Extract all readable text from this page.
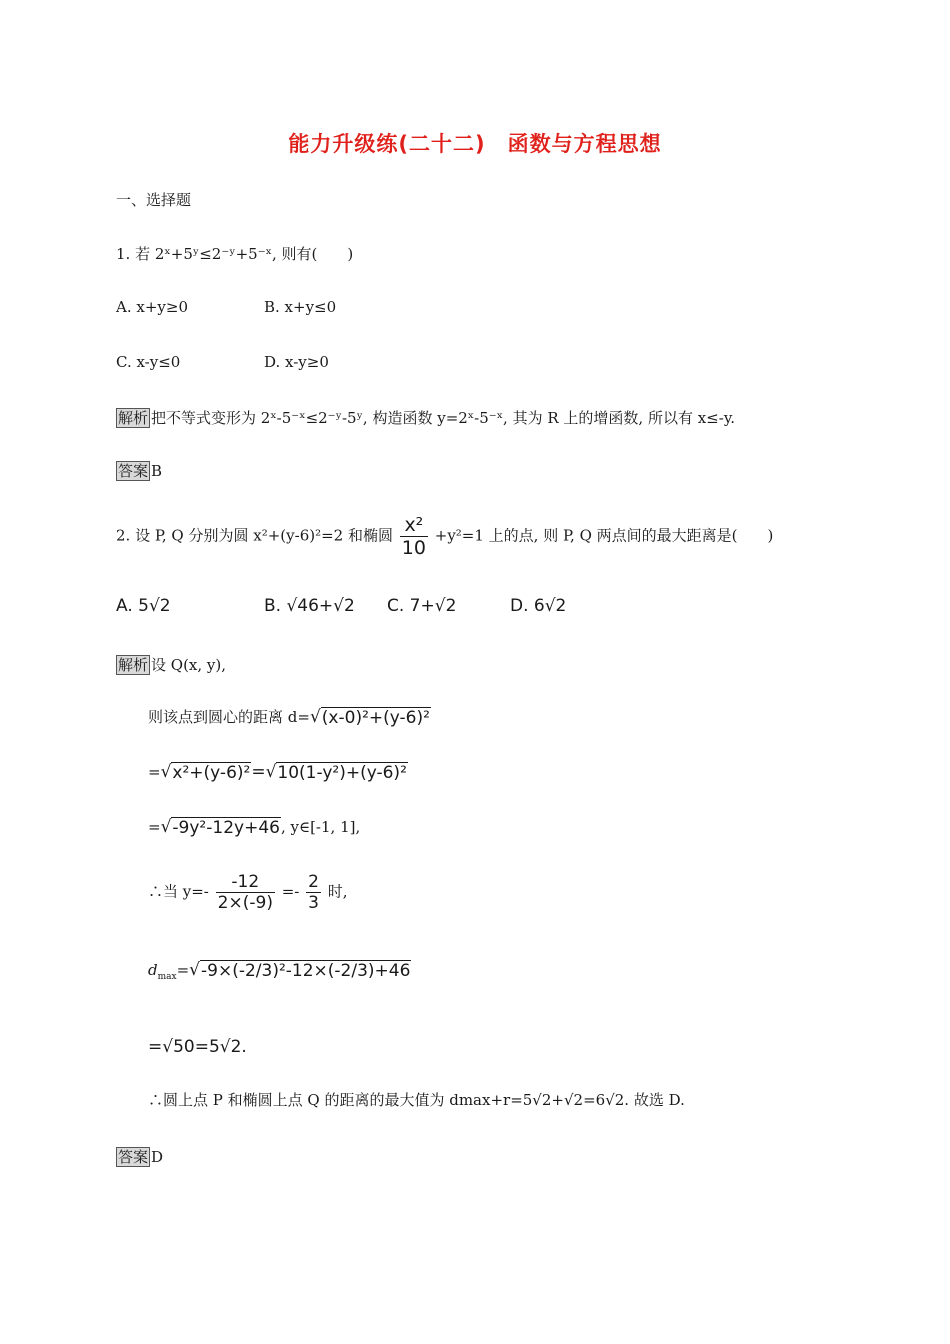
能力升级练(二十二)　函数与方程思想
一、选择题
1. 若 2ˣ+5ʸ≤2⁻ʸ+5⁻ˣ, 则有(　　)
A. x+y≥0	B. x+y≤0
C. x-y≤0	D. x-y≥0
解析 把不等式变形为 2ˣ-5⁻ˣ≤2⁻ʸ-5ʸ, 构造函数 y=2ˣ-5⁻ˣ, 其为 R 上的增函数, 所以有 x≤-y.
答案 B
2. 设 P, Q 分别为圆 x²+(y-6)²=2 和椭圆 $\frac{\text{x²}}{10} +y^2=1$ 上的点, 则 P, Q 两点间的最大距离是(　　)
A. 5√2	B. √46+√2 C. 7+√2	D. 6√2
解析 设 Q(x, y),
则该点到圆心的距离 d=√(x-0)²+(y-6)²
=√x²+(y-6)²=√10(1-y²)+(y-6)²
=√-9y²-12y+46, y∈[-1, 1],
∴当 $y=- \frac{-12}{2\times(-9)} =- \frac{2}{3}$ 时,
$d_{max}=√-9\times(-2/3)^2-12\times(-2/3)+46$
=√50=5√2.
∴圆上点 P 和椭圆上点 Q 的距离的最大值为 dmax+r=5√2+√2=6√2. 故选 D.
答案 D
